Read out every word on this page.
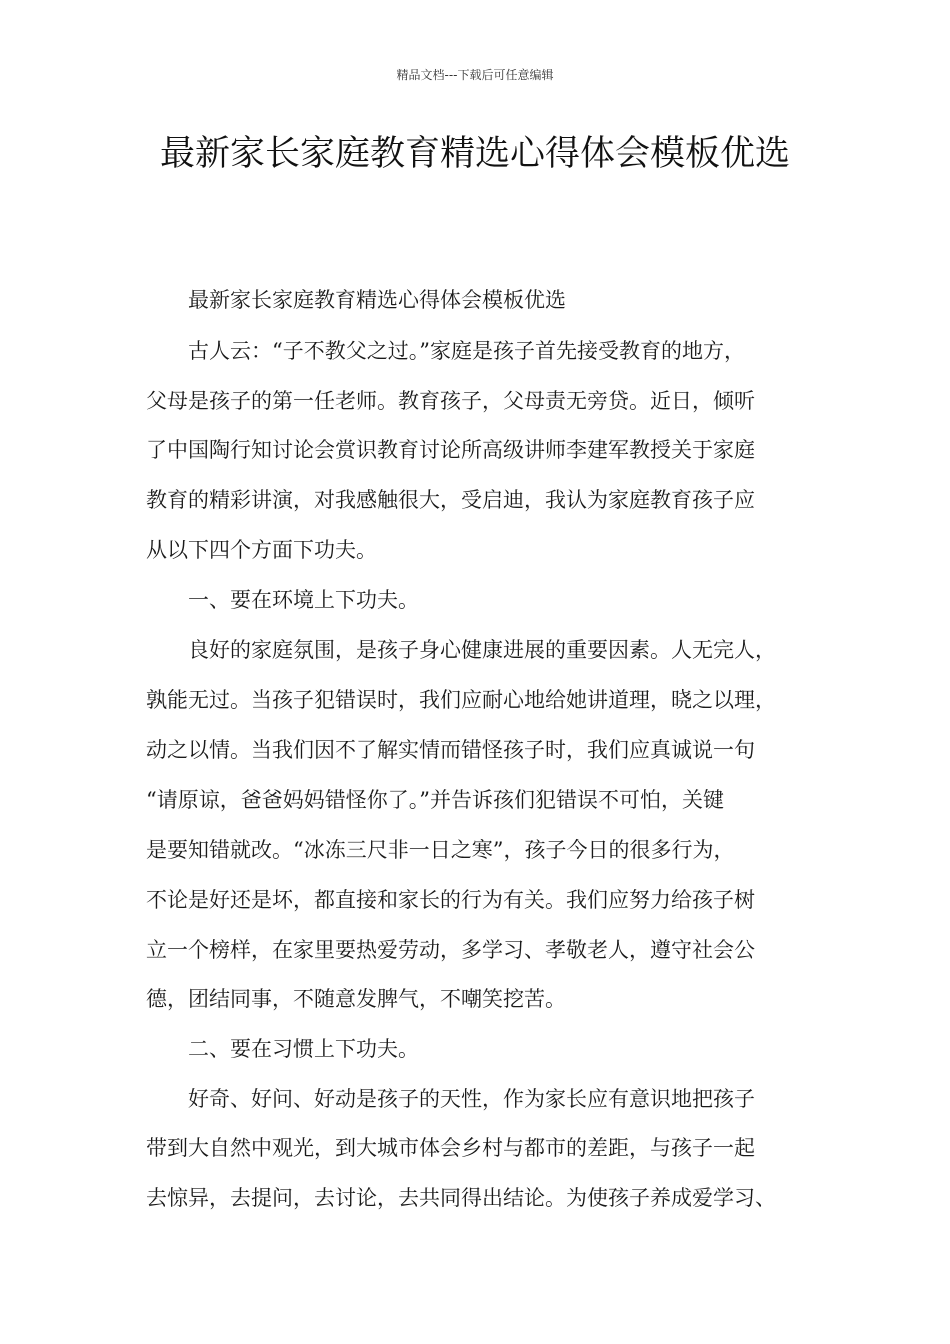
精品文档---下载后可任意编辑
最新家长家庭教育精选心得体会模板优选
最新家长家庭教育精选心得体会模板优选
古人云：“子不教父之过。”家庭是孩子首先接受教育的地方，
父母是孩子的第一任老师。教育孩子，父母责无旁贷。近日，倾听
了中国陶行知讨论会赏识教育讨论所高级讲师李建军教授关于家庭
教育的精彩讲演，对我感触很大，受启迪，我认为家庭教育孩子应
从以下四个方面下功夫。
一、要在环境上下功夫。
良好的家庭氛围，是孩子身心健康进展的重要因素。人无完人，
孰能无过。当孩子犯错误时，我们应耐心地给她讲道理，晓之以理，
动之以情。当我们因不了解实情而错怪孩子时，我们应真诚说一句
“请原谅，爸爸妈妈错怪你了。”并告诉孩们犯错误不可怕，关键
是要知错就改。“冰冻三尺非一日之寒”，孩子今日的很多行为，
不论是好还是坏，都直接和家长的行为有关。我们应努力给孩子树
立一个榜样，在家里要热爱劳动，多学习、孝敬老人，遵守社会公
德，团结同事，不随意发脾气，不嘲笑挖苦。
二、要在习惯上下功夫。
好奇、好问、好动是孩子的天性，作为家长应有意识地把孩子
带到大自然中观光，到大城市体会乡村与都市的差距，与孩子一起
去惊异，去提问，去讨论，去共同得出结论。为使孩子养成爱学习、
